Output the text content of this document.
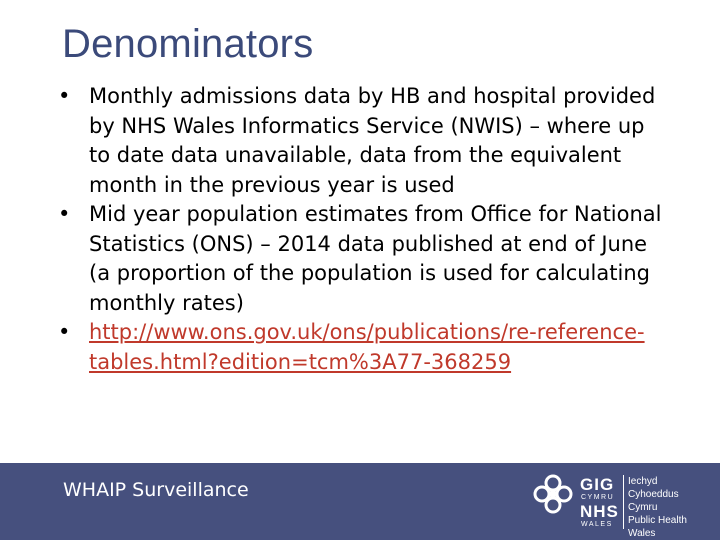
Denominators
• Monthly admissions data by HB and hospital provided by NHS Wales Informatics Service (NWIS) – where up to date data unavailable, data from the equivalent month in the previous year is used
• Mid year population estimates from Office for National Statistics (ONS) – 2014 data published at end of June (a proportion of the population is used for calculating monthly rates)
• http://www.ons.gov.uk/ons/publications/re-reference-tables.html?edition=tcm%3A77-368259
WHAIP Surveillance	GIG
CYMRU
NHS
WALES
Iechyd Cyhoeddus
Cymru
Public Health
Wales
